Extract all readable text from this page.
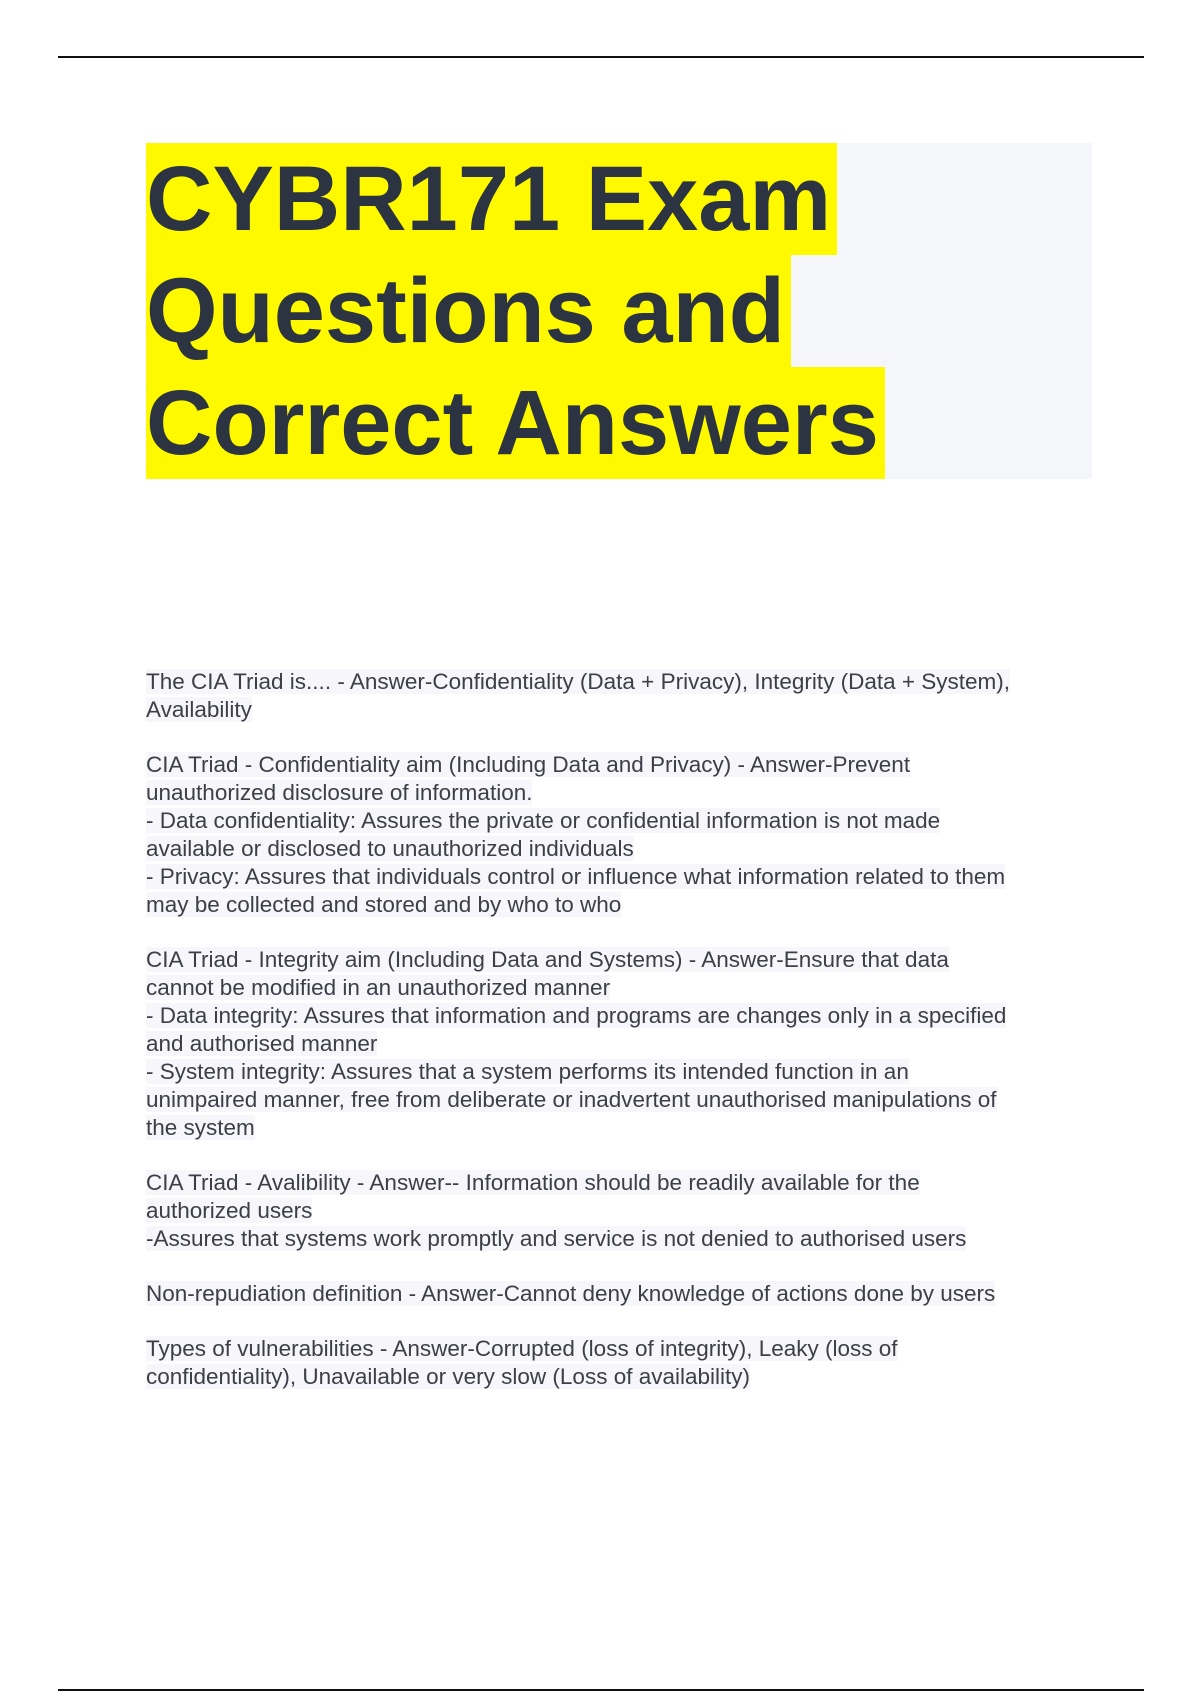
CYBR171 Exam
Questions and
Correct Answers

The CIA Triad is.... - Answer-Confidentiality (Data + Privacy), Integrity (Data + System),
Availability

CIA Triad - Confidentiality aim (Including Data and Privacy) - Answer-Prevent
unauthorized disclosure of information.
- Data confidentiality: Assures the private or confidential information is not made
available or disclosed to unauthorized individuals
- Privacy: Assures that individuals control or influence what information related to them
may be collected and stored and by who to who

CIA Triad - Integrity aim (Including Data and Systems) - Answer-Ensure that data
cannot be modified in an unauthorized manner
- Data integrity: Assures that information and programs are changes only in a specified
and authorised manner
- System integrity: Assures that a system performs its intended function in an
unimpaired manner, free from deliberate or inadvertent unauthorised manipulations of
the system

CIA Triad - Avalibility - Answer-- Information should be readily available for the
authorized users
-Assures that systems work promptly and service is not denied to authorised users

Non-repudiation definition - Answer-Cannot deny knowledge of actions done by users

Types of vulnerabilities - Answer-Corrupted (loss of integrity), Leaky (loss of
confidentiality), Unavailable or very slow (Loss of availability)
